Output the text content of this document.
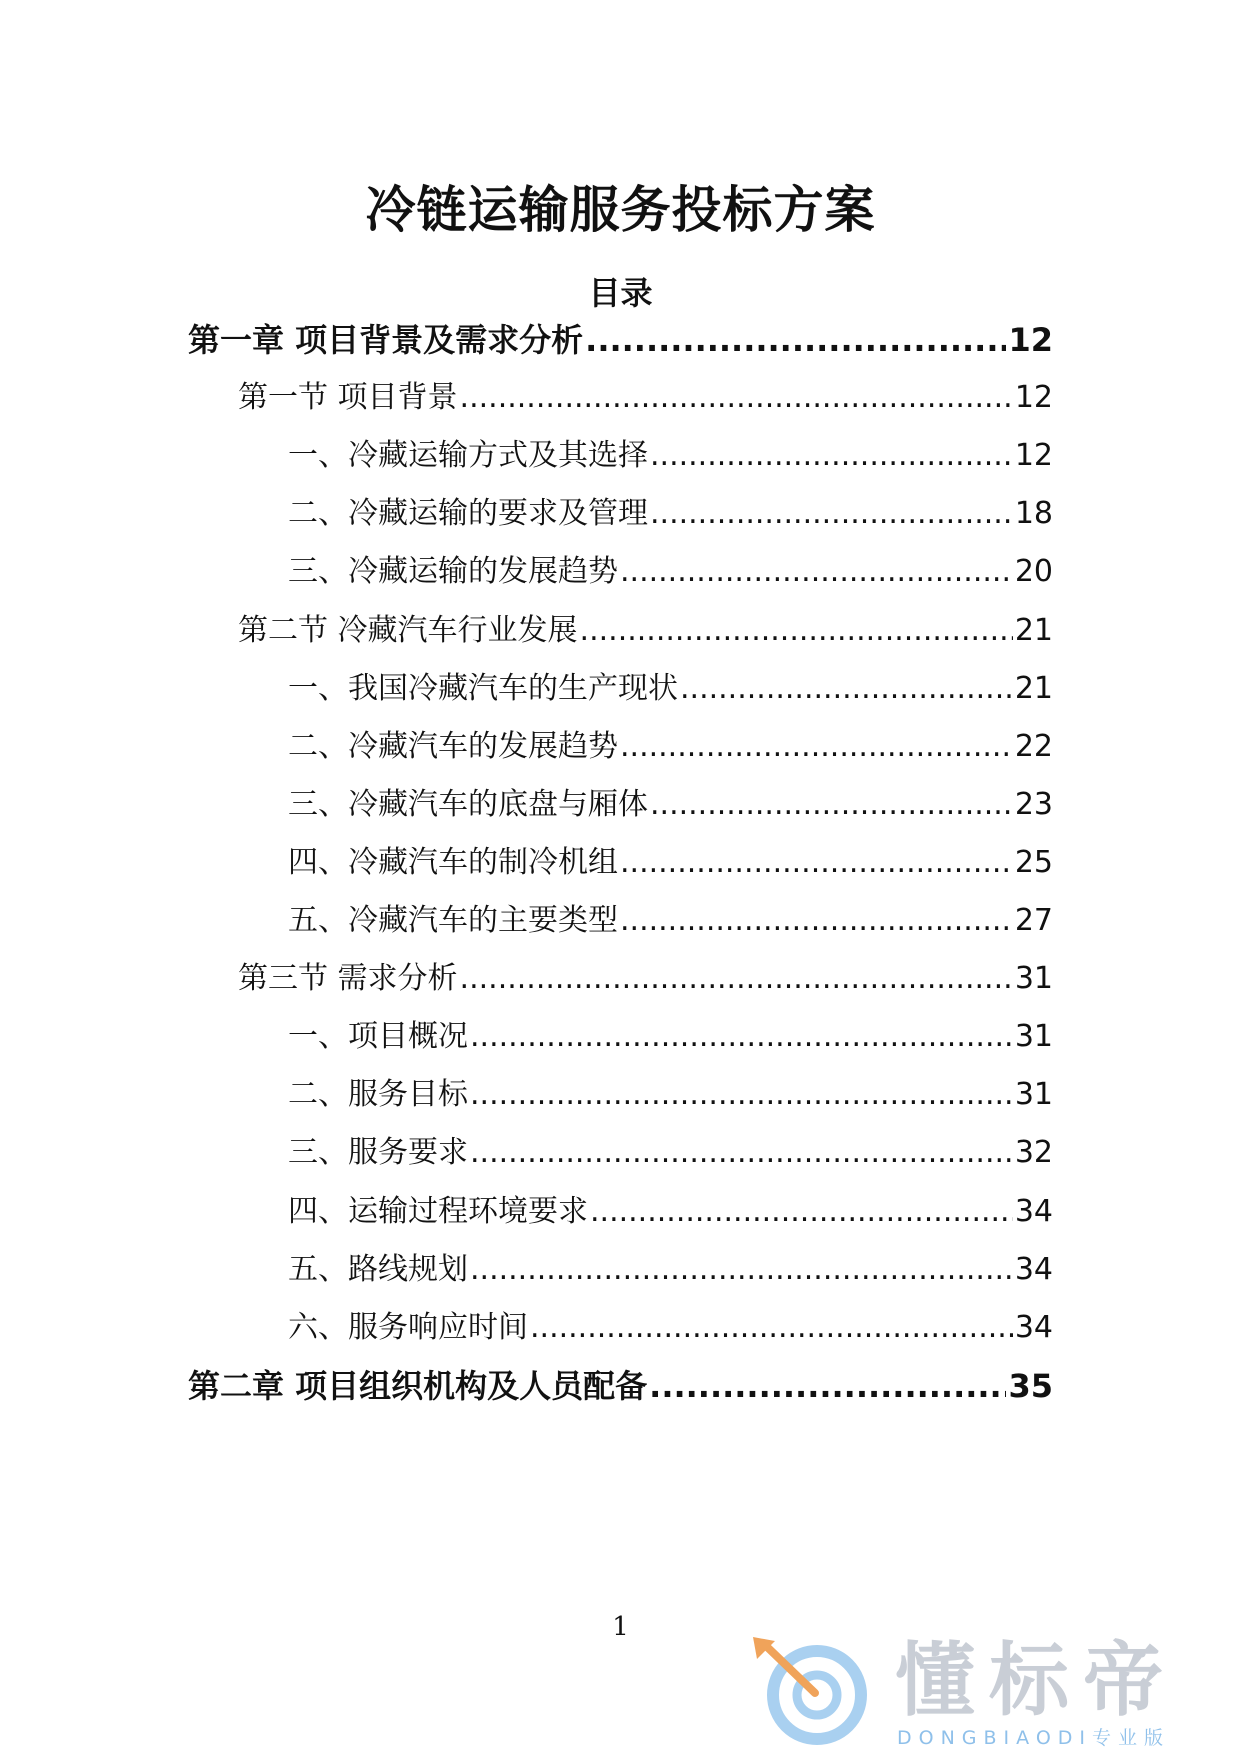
冷链运输服务投标方案
目录
第一章 项目背景及需求分析 .....	12
第一节 项目背景 .....	12
一、冷藏运输方式及其选择 .....	12
二、冷藏运输的要求及管理 .....	18
三、冷藏运输的发展趋势 .....	20
第二节 冷藏汽车行业发展 .....	21
一、我国冷藏汽车的生产现状 .....	21
二、冷藏汽车的发展趋势 .....	22
三、冷藏汽车的底盘与厢体 .....	23
四、冷藏汽车的制冷机组 .....	25
五、冷藏汽车的主要类型 .....	27
第三节 需求分析 .....	31
一、项目概况 .....	31
二、服务目标 .....	31
三、服务要求 .....	32
四、运输过程环境要求 .....	34
五、路线规划 .....	34
六、服务响应时间 .....	34
第二章 项目组织机构及人员配备 .....	35
1
懂标帝
DONGBIAODI专业版
